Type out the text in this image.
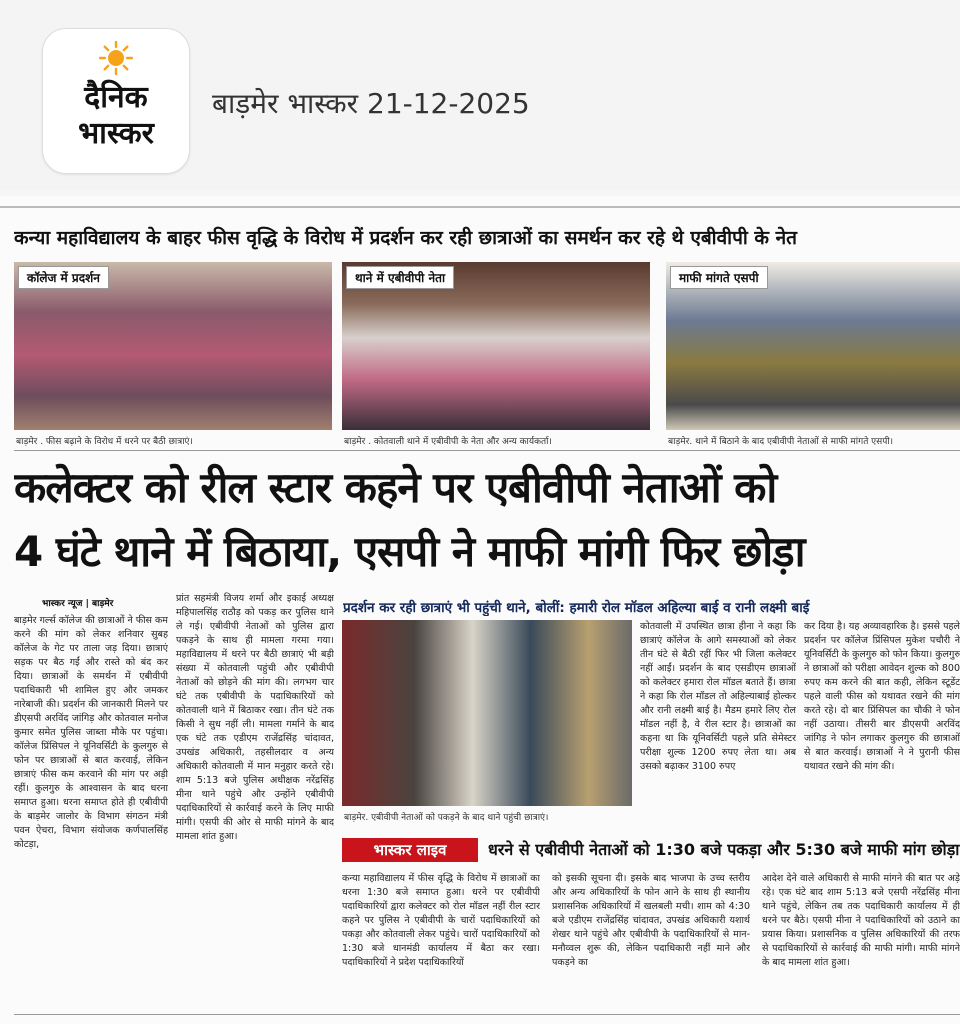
दैनिक
भास्कर
बाड़मेर भास्कर 21-12-2025
कन्या महाविद्यालय के बाहर फीस वृद्धि के विरोध में प्रदर्शन कर रही छात्राओं का समर्थन कर रहे थे एबीवीपी के नेत
कॉलेज में प्रदर्शन
बाड़मेर . फीस बढ़ाने के विरोध में धरने पर बैठी छात्राएं।
थाने में एबीवीपी नेता
बाड़मेर . कोतवाली थाने में एबीवीपी के नेता और अन्य कार्यकर्ता।
माफी मांगते एसपी
बाड़मेर. थाने में बिठाने के बाद एबीवीपी नेताओं से माफी मांगते एसपी।
कलेक्टर को रील स्टार कहने पर एबीवीपी नेताओं को
4 घंटे थाने में बिठाया, एसपी ने माफी मांगी फिर छोड़ा
भास्कर न्यूज | बाड़मेर
बाड़मेर गर्ल्स कॉलेज की छात्राओं ने फीस कम करने की मांग को लेकर शनिवार सुबह कॉलेज के गेट पर ताला जड़ दिया। छात्राएं सड़क पर बैठ गईं और रास्ते को बंद कर दिया। छात्राओं के समर्थन में एबीवीपी पदाधिकारी भी शामिल हुए और जमकर नारेबाजी की। प्रदर्शन की जानकारी मिलने पर डीएसपी अरविंद जांगिड़ और कोतवाल मनोज कुमार समेत पुलिस जाब्ता मौके पर पहुंचा। कॉलेज प्रिंसिपल ने यूनिवर्सिटी के कुलगुरु से फोन पर छात्राओं से बात करवाई, लेकिन छात्राएं फीस कम करवाने की मांग पर अड़ी रहीं। कुलगुरु के आश्वासन के बाद धरना समाप्त हुआ। धरना समाप्त होते ही एबीवीपी के बाड़मेर जालोर के विभाग संगठन मंत्री पवन ऐचरा, विभाग संयोजक कर्णपालसिंह कोटड़ा,
प्रांत सहमंत्री विजय शर्मा और इकाई अध्यक्ष महिपालसिंह राठौड़ को पकड़ कर पुलिस थाने ले गई। एबीवीपी नेताओं को पुलिस द्वारा पकड़ने के साथ ही मामला गरमा गया। महाविद्यालय में धरने पर बैठी छात्राएं भी बड़ी संख्या में कोतवाली पहुंची और एबीवीपी नेताओं को छोड़ने की मांग की। लगभग चार घंटे तक एबीवीपी के पदाधिकारियों को कोतवाली थाने में बिठाकर रखा। तीन घंटे तक किसी ने सुध नहीं ली। मामला गर्माने के बाद एक घंटे तक एडीएम राजेंद्रसिंह चांदावत, उपखंड अधिकारी, तहसीलदार व अन्य अधिकारी कोतवाली में मान मनुहार करते रहे। शाम 5:13 बजे पुलिस अधीक्षक नरेंद्रसिंह मीना थाने पहुंचे और उन्होंने एबीवीपी पदाधिकारियों से कार्रवाई करने के लिए माफी मांगी। एसपी की ओर से माफी मांगने के बाद मामला शांत हुआ।
प्रदर्शन कर रही छात्राएं भी पहुंची थाने, बोलीं: हमारी रोल मॉडल अहिल्या बाई व रानी लक्ष्मी बाई
बाड़मेर. एबीवीपी नेताओं को पकड़ने के बाद थाने पहुंची छात्राएं।
कोतवाली में उपस्थित छात्रा हीना ने कहा कि छात्राएं कॉलेज के आगे समस्याओं को लेकर तीन घंटे से बैठी रहीं फिर भी जिला कलेक्टर नहीं आईं। प्रदर्शन के बाद एसडीएम छात्राओं को कलेक्टर हमारा रोल मॉडल बताते हैं। छात्रा ने कहा कि रोल मॉडल तो अहिल्याबाई होल्कर और रानी लक्ष्मी बाई है। मैडम हमारे लिए रोल मॉडल नहीं है, वे रील स्टार है। छात्राओं का कहना था कि यूनिवर्सिटी पहले प्रति सेमेस्टर परीक्षा शुल्क 1200 रुपए लेता था। अब उसको बढ़ाकर 3100 रुपए
कर दिया है। यह अव्यावहारिक है। इससे पहले प्रदर्शन पर कॉलेज प्रिंसिपल मुकेश पचौरी ने यूनिवर्सिटी के कुलगुरु को फोन किया। कुलगुरु ने छात्राओं को परीक्षा आवेदन शुल्क को 800 रुपए कम करने की बात कही, लेकिन स्टूडेंट पहले वाली फीस को यथावत रखने की मांग करते रहे। दो बार प्रिंसिपल का चौकी ने फोन नहीं उठाया। तीसरी बार डीएसपी अरविंद जांगिड़ ने फोन लगाकर कुलगुरु की छात्राओं से बात करवाई। छात्राओं ने ने पुरानी फीस यथावत रखने की मांग की।
भास्कर लाइव	धरने से एबीवीपी नेताओं को 1:30 बजे पकड़ा और 5:30 बजे माफी मांग छोड़ा
कन्या महाविद्यालय में फीस वृद्धि के विरोध में छात्राओं का धरना 1:30 बजे समाप्त हुआ। धरने पर एबीवीपी पदाधिकारियों द्वारा कलेक्टर को रोल मॉडल नहीं रील स्टार कहने पर पुलिस ने एबीवीपी के चारों पदाधिकारियों को पकड़ा और कोतवाली लेकर पहुंचे। चारों पदाधिकारियों को 1:30 बजे धानमंडी कार्यालय में बैठा कर रखा। पदाधिकारियों ने प्रदेश पदाधिकारियों
को इसकी सूचना दी। इसके बाद भाजपा के उच्च स्तरीय और अन्य अधिकारियों के फोन आने के साथ ही स्थानीय प्रशासनिक अधिकारियों में खलबली मची। शाम को 4:30 बजे एडीएम राजेंद्रसिंह चांदावत, उपखंड अधिकारी यशार्थ शेखर थाने पहुंचे और एबीवीपी के पदाधिकारियों से मान-मनौव्वल शुरू की, लेकिन पदाधिकारी नहीं माने और पकड़ने का
आदेश देने वाले अधिकारी से माफी मांगने की बात पर अड़े रहे। एक घंटे बाद शाम 5:13 बजे एसपी नरेंद्रसिंह मीना थाने पहुंचे, लेकिन तब तक पदाधिकारी कार्यालय में ही धरने पर बैठे। एसपी मीना ने पदाधिकारियों को उठाने का प्रयास किया। प्रशासनिक व पुलिस अधिकारियों की तरफ से पदाधिकारियों से कार्रवाई की माफी मांगी। माफी मांगने के बाद मामला शांत हुआ।
